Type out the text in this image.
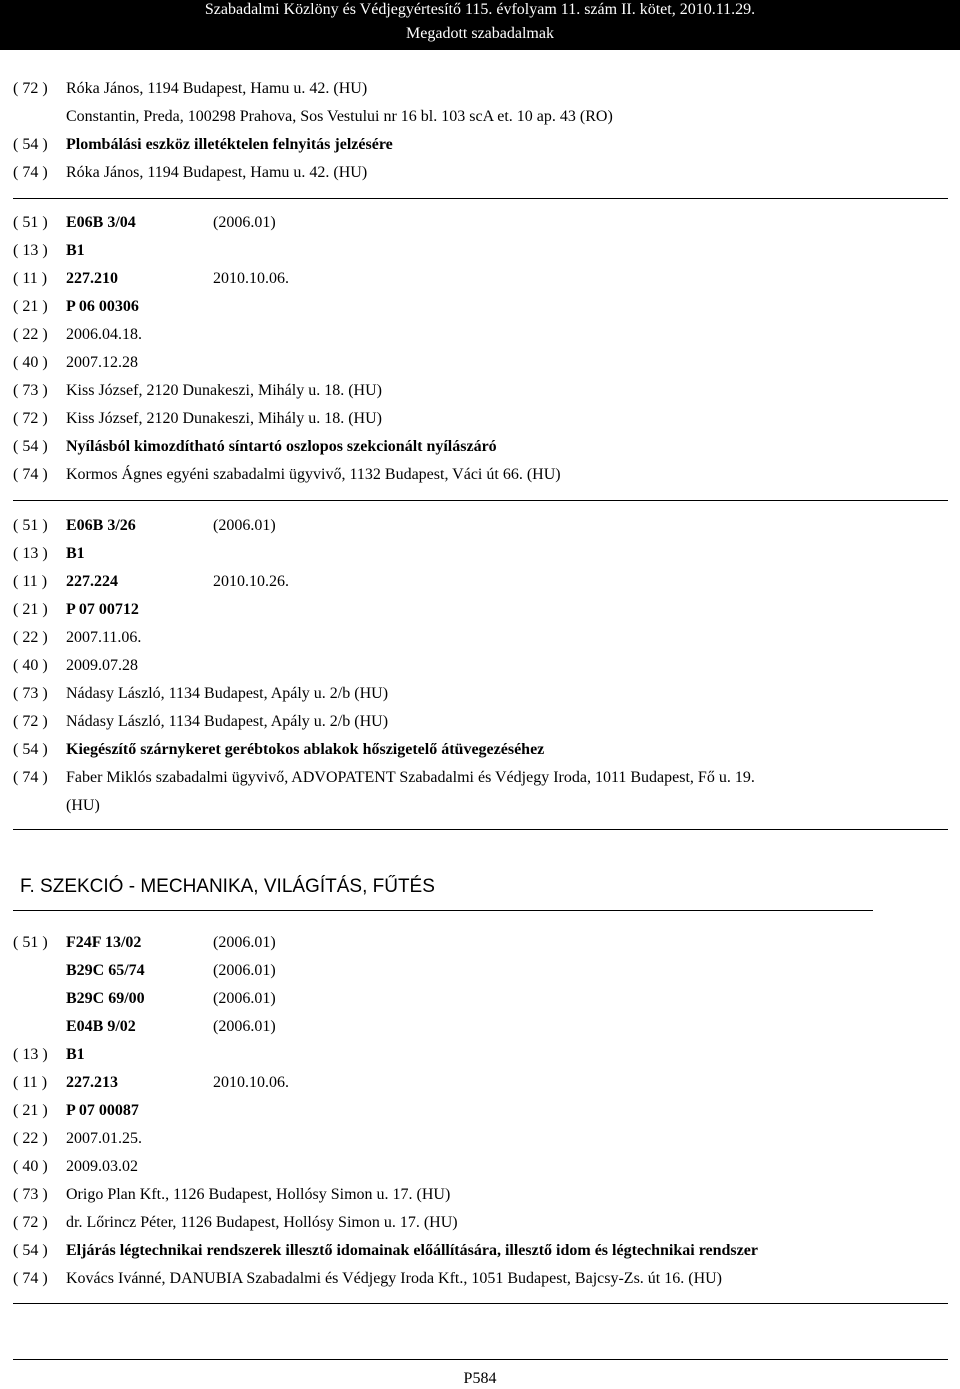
Szabadalmi Közlöny és Védjegyértesítő 115. évfolyam 11. szám II. kötet, 2010.11.29.
Megadott szabadalmak
( 72 ) Róka János, 1194 Budapest, Hamu u. 42. (HU)
Constantin, Preda, 100298 Prahova, Sos Vestului nr 16 bl. 103 scA et. 10 ap. 43 (RO)
( 54 ) Plombálási eszköz illetéktelen felnyitás jelzésére
( 74 ) Róka János, 1194 Budapest, Hamu u. 42. (HU)
( 51 ) E06B 3/04	(2006.01)
( 13 ) B1
( 11 ) 227.210	2010.10.06.
( 21 ) P 06 00306
( 22 ) 2006.04.18.
( 40 ) 2007.12.28
( 73 ) Kiss József, 2120 Dunakeszi, Mihály u. 18. (HU)
( 72 ) Kiss József, 2120 Dunakeszi, Mihály u. 18. (HU)
( 54 ) Nyílásból kimozdítható síntartó oszlopos szekcionált nyílászáró
( 74 ) Kormos Ágnes egyéni szabadalmi ügyvivő, 1132 Budapest, Váci út 66. (HU)
( 51 ) E06B 3/26	(2006.01)
( 13 ) B1
( 11 ) 227.224	2010.10.26.
( 21 ) P 07 00712
( 22 ) 2007.11.06.
( 40 ) 2009.07.28
( 73 ) Nádasy László, 1134 Budapest, Apály u. 2/b (HU)
( 72 ) Nádasy László, 1134 Budapest, Apály u. 2/b (HU)
( 54 ) Kiegészítő szárnykeret gerébtokos ablakok hőszigetelő átüvegezéséhez
( 74 ) Faber Miklós szabadalmi ügyvivő, ADVOPATENT Szabadalmi és Védjegy Iroda, 1011 Budapest, Fő u. 19.
(HU)
F. SZEKCIÓ - MECHANIKA, VILÁGÍTÁS, FŰTÉS
( 51 ) F24F 13/02	(2006.01)
B29C 65/74	(2006.01)
B29C 69/00	(2006.01)
E04B 9/02	(2006.01)
( 13 ) B1
( 11 ) 227.213	2010.10.06.
( 21 ) P 07 00087
( 22 ) 2007.01.25.
( 40 ) 2009.03.02
( 73 ) Origo Plan Kft., 1126 Budapest, Hollósy Simon u. 17. (HU)
( 72 ) dr. Lőrincz Péter, 1126 Budapest, Hollósy Simon u. 17. (HU)
( 54 ) Eljárás légtechnikai rendszerek illesztő idomainak előállítására, illesztő idom és légtechnikai rendszer
( 74 ) Kovács Ivánné, DANUBIA Szabadalmi és Védjegy Iroda Kft., 1051 Budapest, Bajcsy-Zs. út 16. (HU)
P584
